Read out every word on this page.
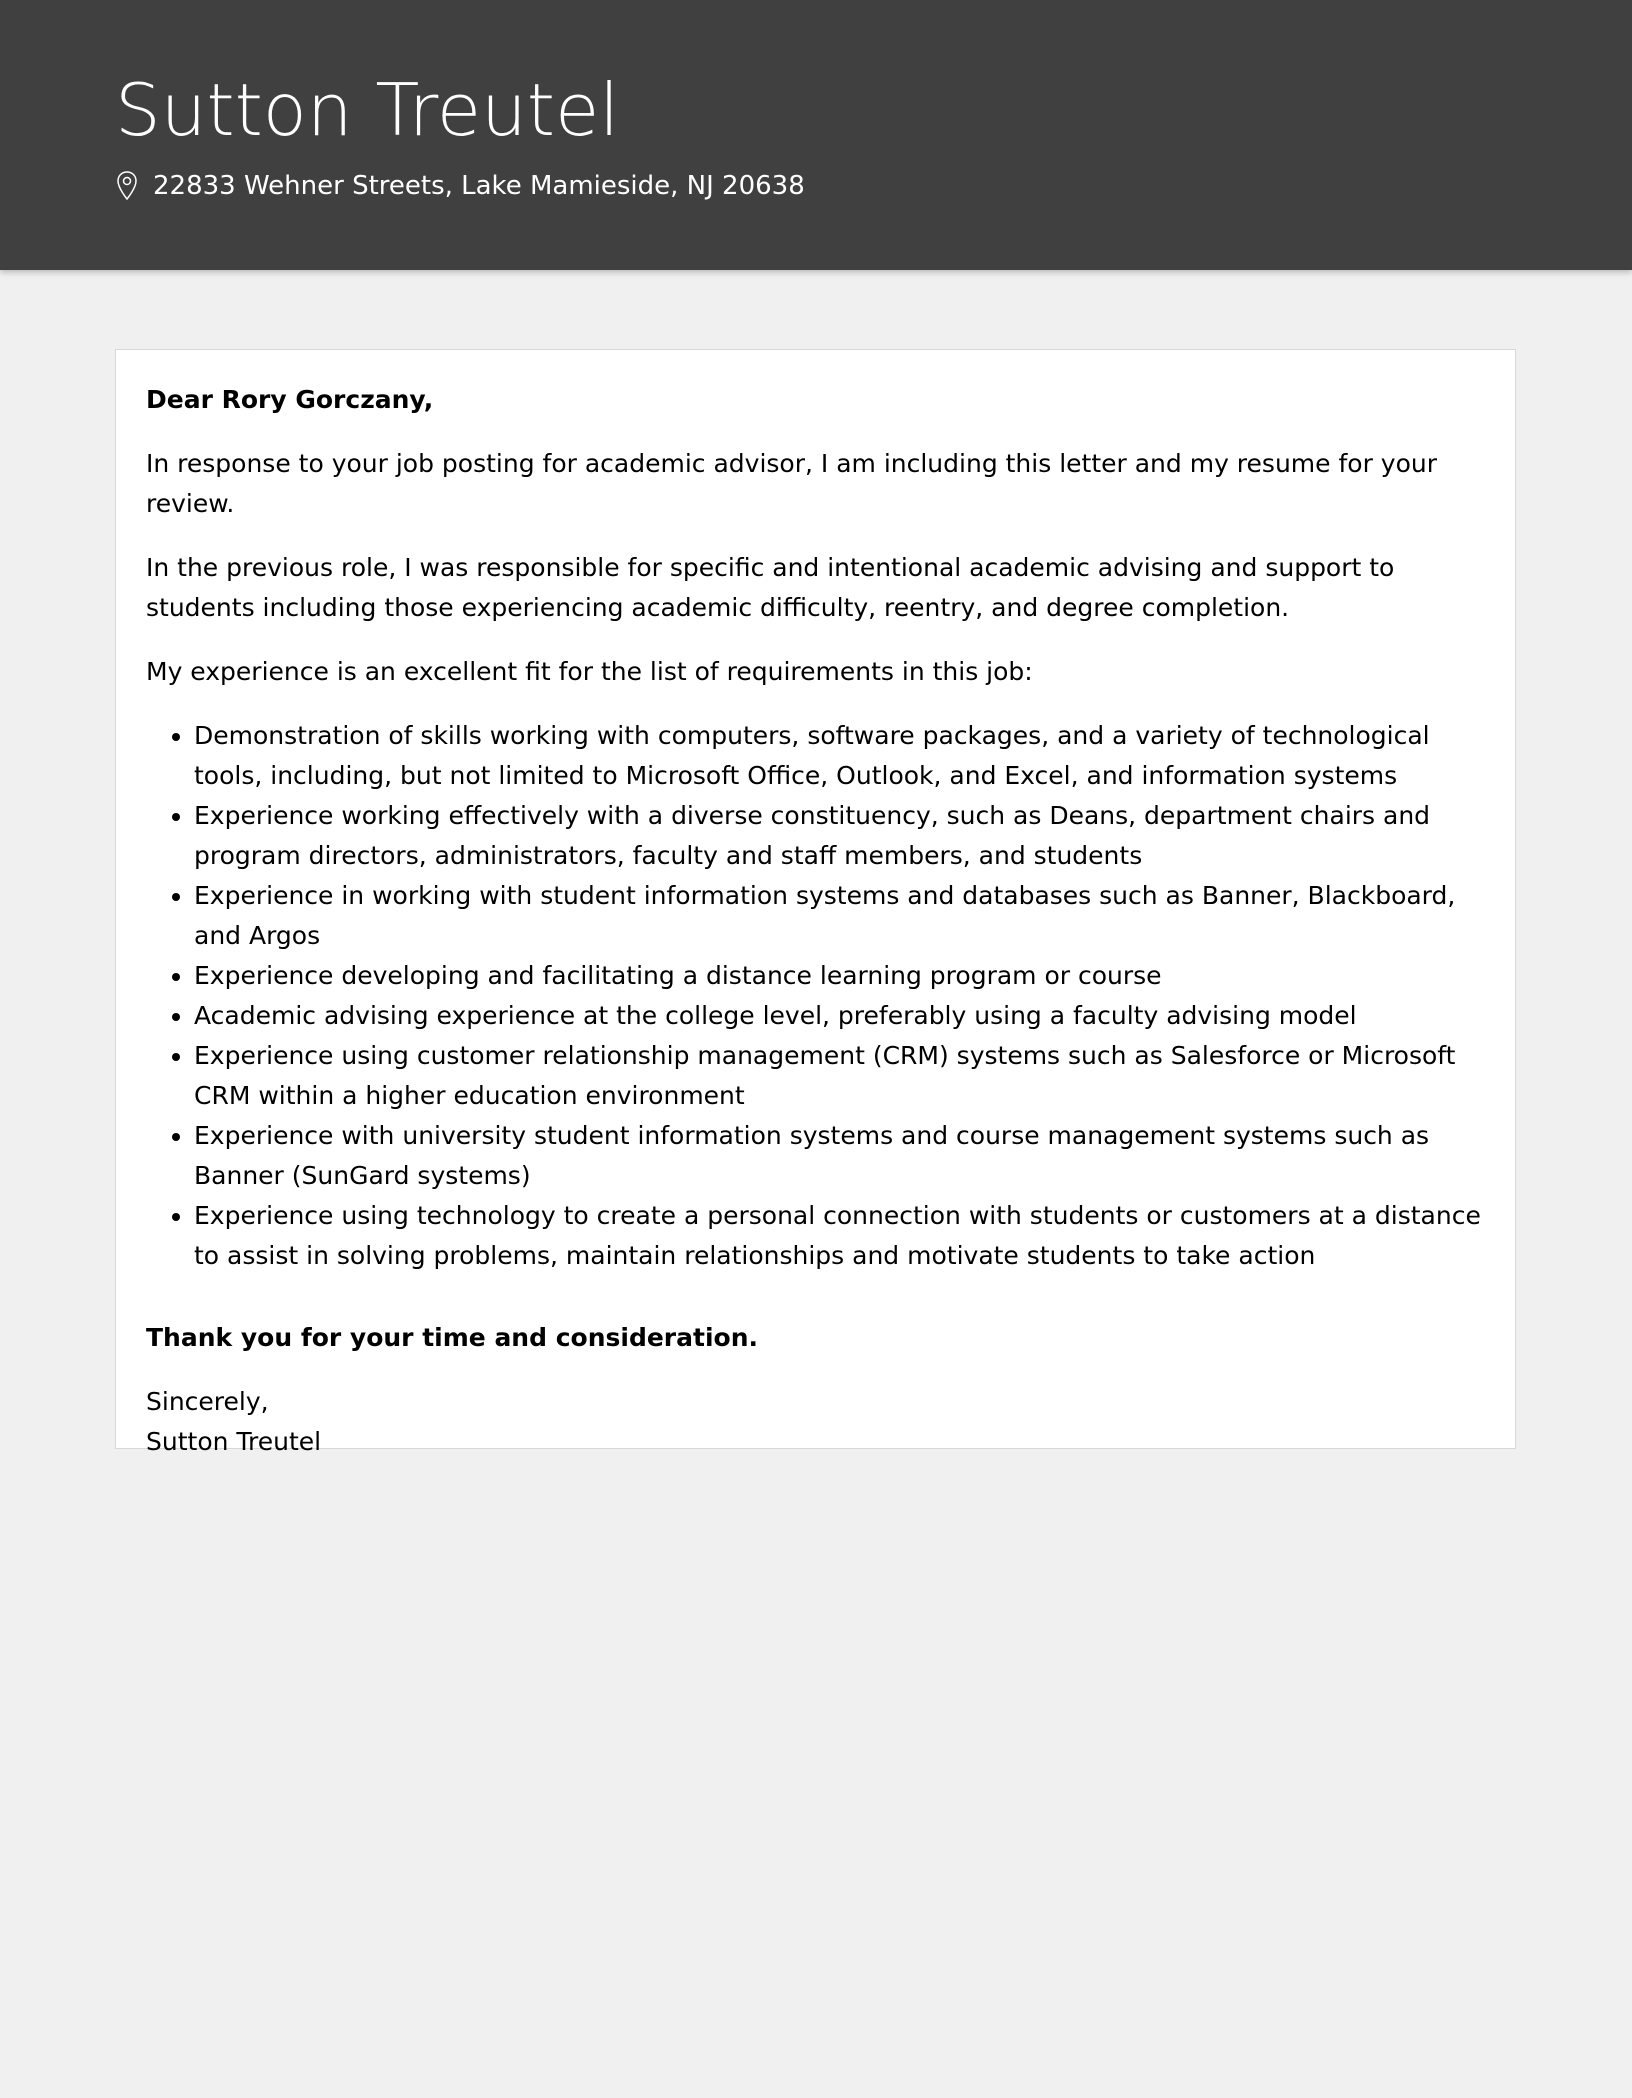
Sutton Treutel
22833 Wehner Streets, Lake Mamieside, NJ 20638

Dear Rory Gorczany,

In response to your job posting for academic advisor, I am including this letter and my resume for your review.

In the previous role, I was responsible for specific and intentional academic advising and support to students including those experiencing academic difficulty, reentry, and degree completion.

My experience is an excellent fit for the list of requirements in this job:

• Demonstration of skills working with computers, software packages, and a variety of technological tools, including, but not limited to Microsoft Office, Outlook, and Excel, and information systems
• Experience working effectively with a diverse constituency, such as Deans, department chairs and program directors, administrators, faculty and staff members, and students
• Experience in working with student information systems and databases such as Banner, Blackboard, and Argos
• Experience developing and facilitating a distance learning program or course
• Academic advising experience at the college level, preferably using a faculty advising model
• Experience using customer relationship management (CRM) systems such as Salesforce or Microsoft CRM within a higher education environment
• Experience with university student information systems and course management systems such as Banner (SunGard systems)
• Experience using technology to create a personal connection with students or customers at a distance to assist in solving problems, maintain relationships and motivate students to take action

Thank you for your time and consideration.

Sincerely,

Sutton Treutel
